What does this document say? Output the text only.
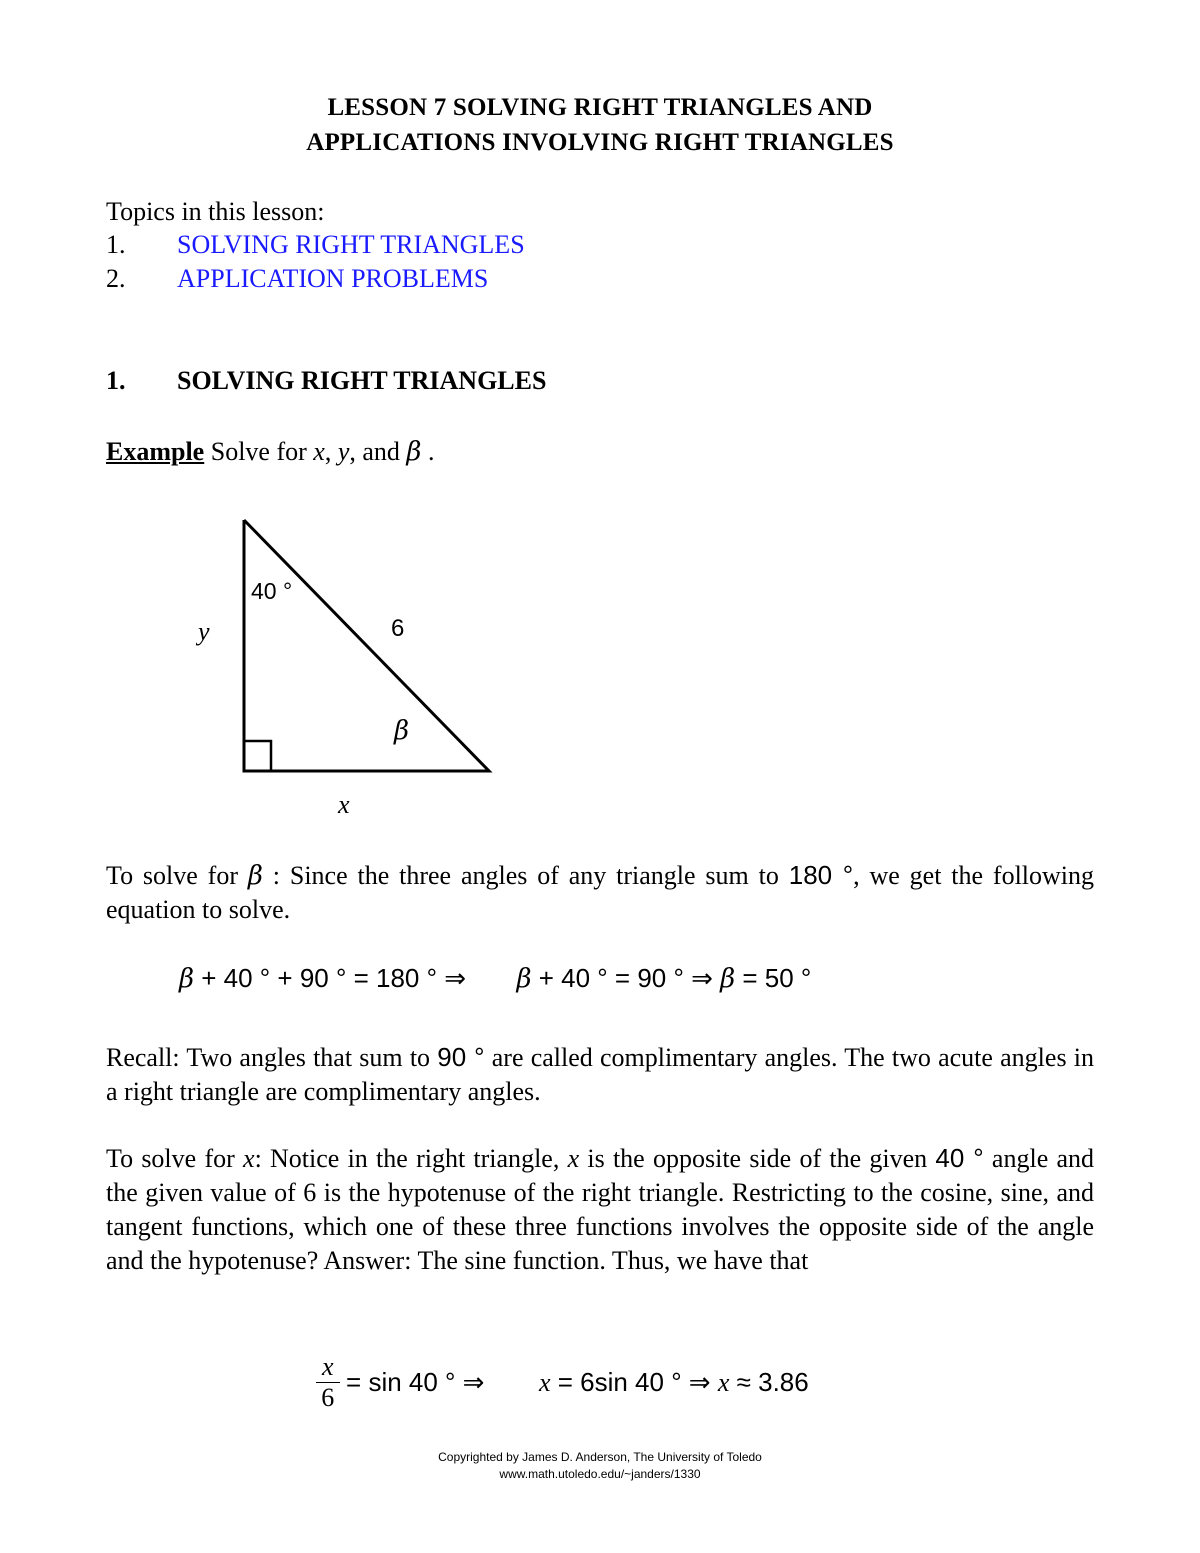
LESSON 7 SOLVING RIGHT TRIANGLES AND
APPLICATIONS INVOLVING RIGHT TRIANGLES
Topics in this lesson:
1. SOLVING RIGHT TRIANGLES
2. APPLICATION PROBLEMS
1. SOLVING RIGHT TRIANGLES
Example Solve for x, y, and β .
40 °
6
y
x
β
To solve for β : Since the three angles of any triangle sum to 180 °, we get the following equation to solve.
β + 40 ° + 90 ° = 180 ° ⇒ β + 40 ° = 90 ° ⇒ β = 50 °
Recall: Two angles that sum to 90 ° are called complimentary angles. The two acute angles in a right triangle are complimentary angles.
To solve for x: Notice in the right triangle, x is the opposite side of the given 40 ° angle and the given value of 6 is the hypotenuse of the right triangle. Restricting to the cosine, sine, and tangent functions, which one of these three functions involves the opposite side of the angle and the hypotenuse? Answer: The sine function. Thus, we have that
$\frac{x}{6} = \sin 40$ ° ⇒ x = 6sin 40 ° ⇒ x ≈ 3.86
Copyrighted by James D. Anderson, The University of Toledo
www.math.utoledo.edu/~janders/1330
